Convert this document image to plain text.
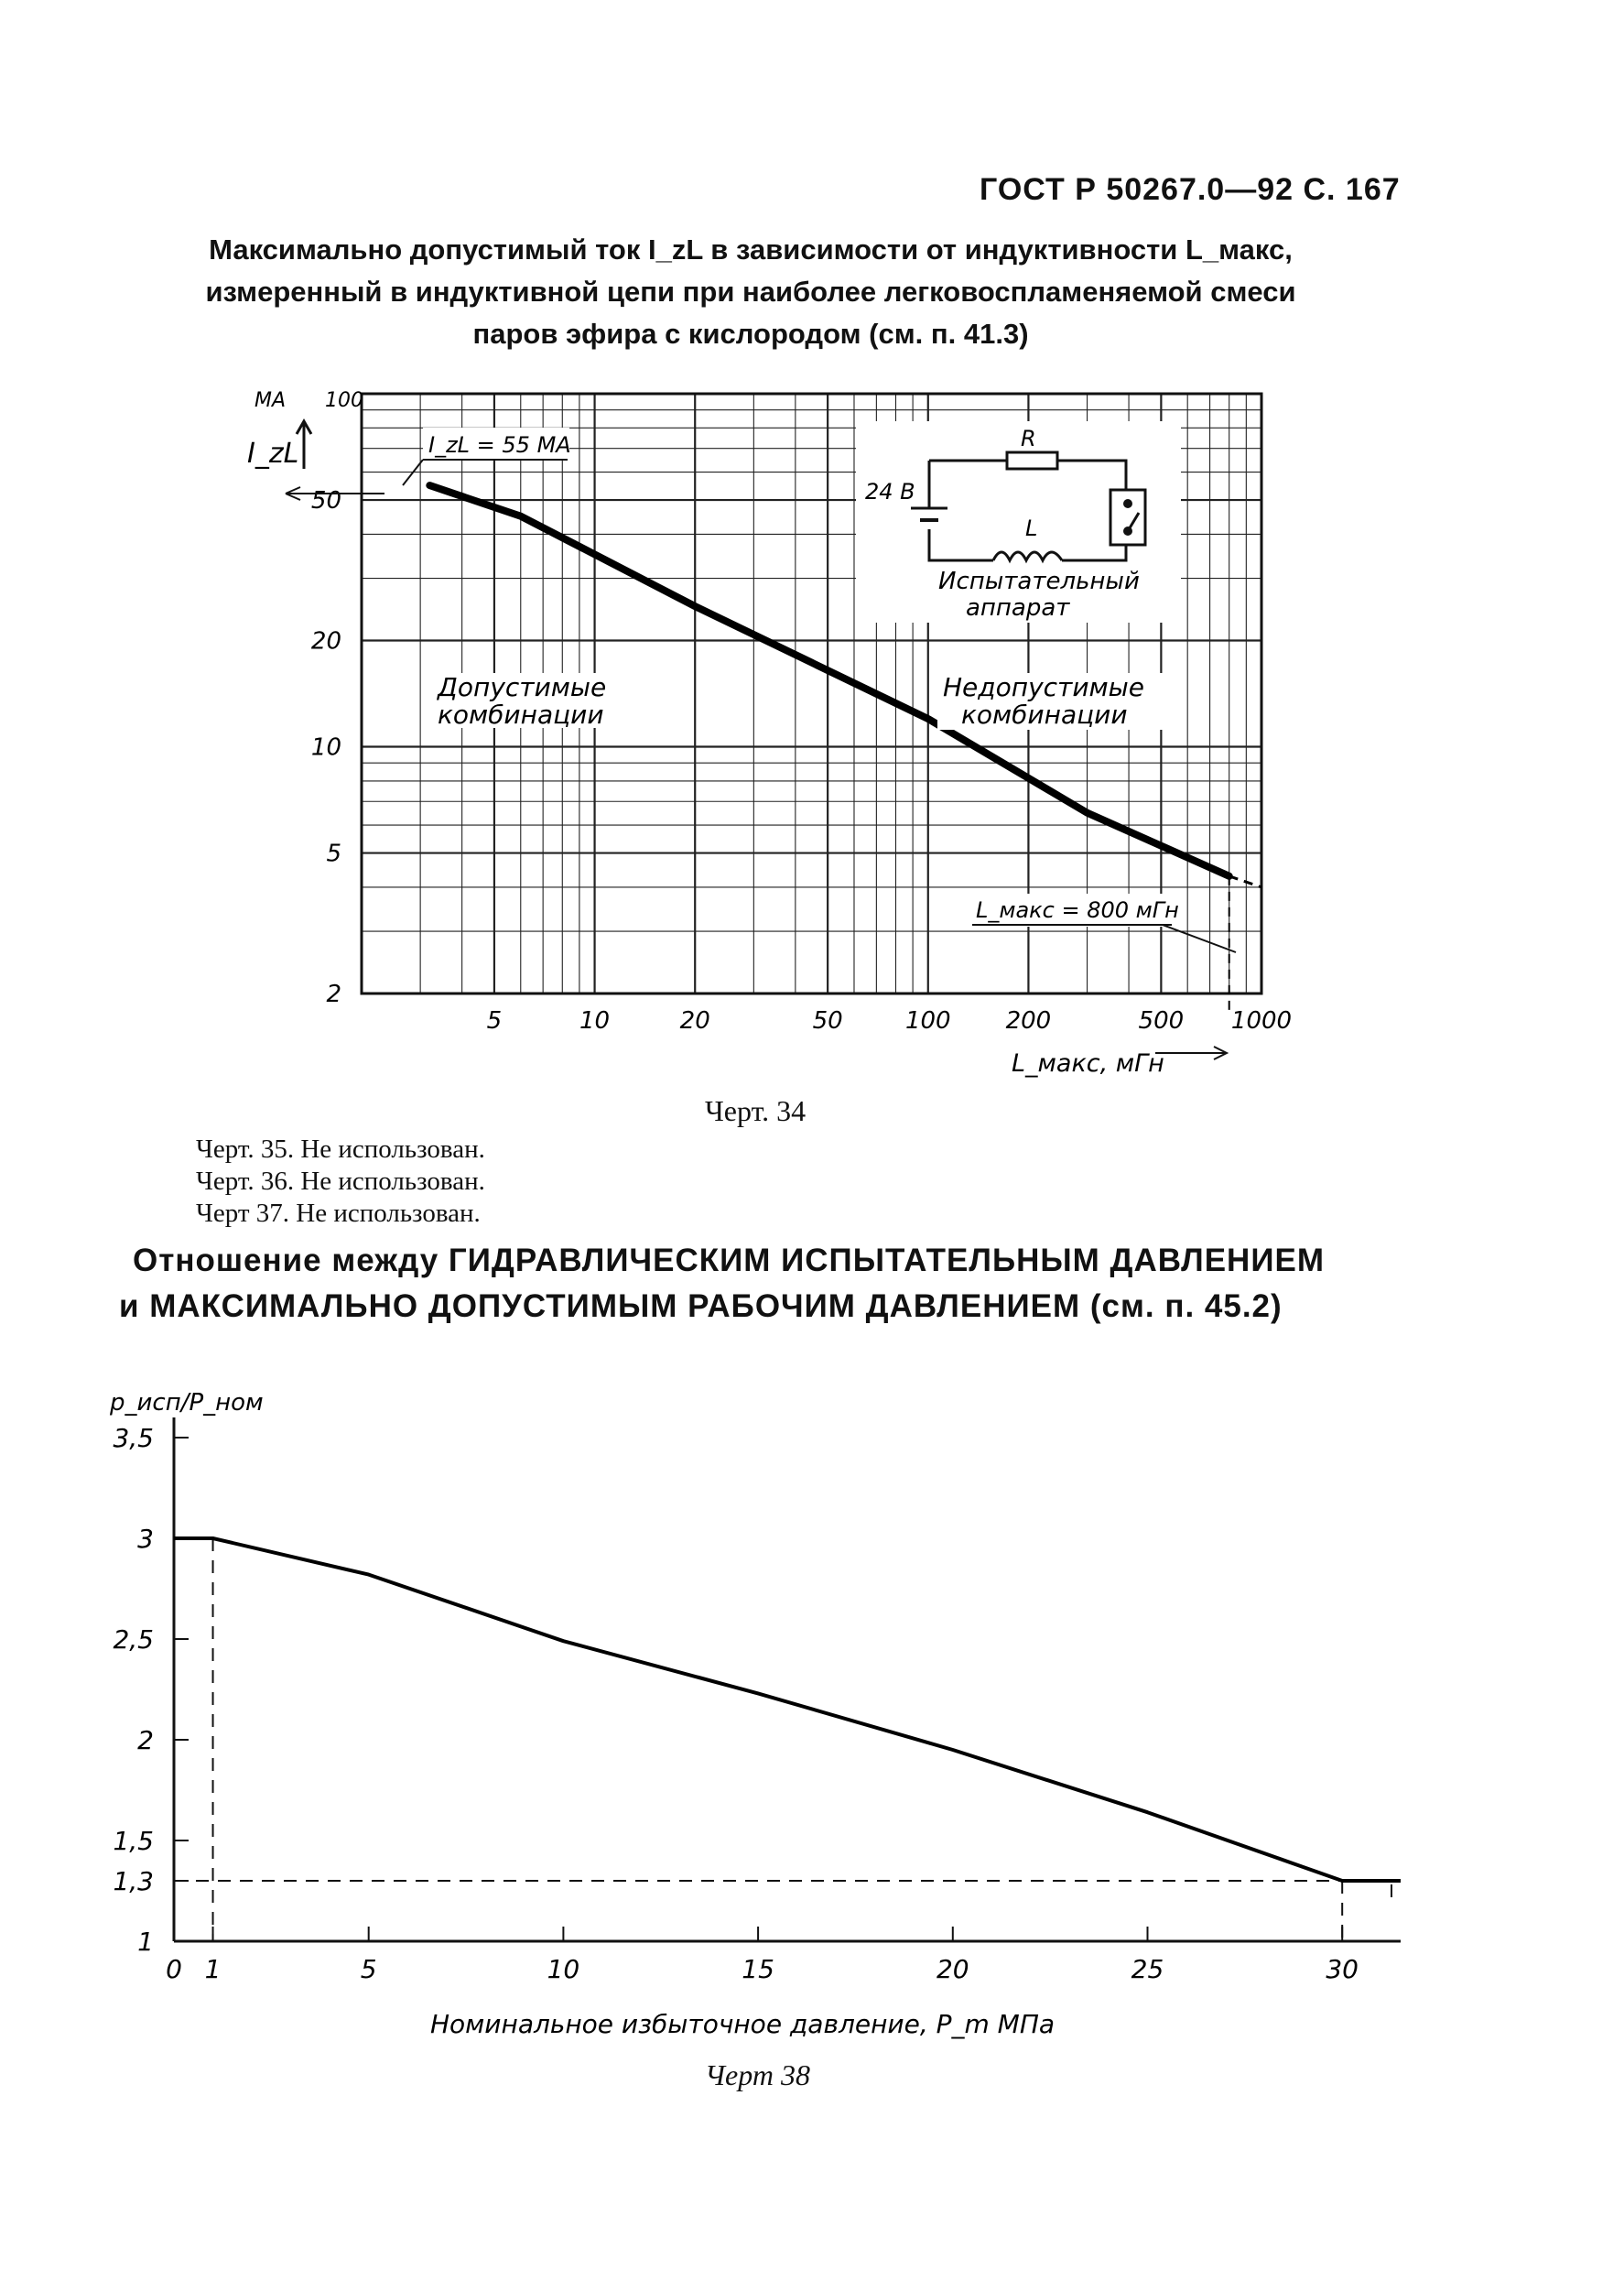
ГОСТ Р 50267.0—92 С. 167
Максимально допустимый ток I_zL в зависимости от индуктивности L_макс,
измеренный в индуктивной цепи при наиболее легковоспламеняемой смеси
паров эфира с кислородом (см. п. 41.3)
5	10	20	50	100 200	500 1000
2
5
10
20
50
MA 100
I_zL	I_zL = 55 MA
L_макс = 800 мГн
L_макс, мГн
Допустимые
комбинации
Недопустимые
комбинации
R
24 В
L
Испытательный
аппарат
Черт. 34
Черт. 35. Не использован.
Черт. 36. Не использован.
Черт 37. Не использован.
Отношение между ГИДРАВЛИЧЕСКИМ ИСПЫТАТЕЛЬНЫМ ДАВЛЕНИЕМ
и МАКСИМАЛЬНО ДОПУСТИМЫМ РАБОЧИМ ДАВЛЕНИЕМ (см. п. 45.2)
0 1	5	10	15	20	25	30
1
1,3
1,5
2
2,5
3
3,5
p_исп/P_ном
Номинальное избыточное давление, P_m МПа
Черт 38
